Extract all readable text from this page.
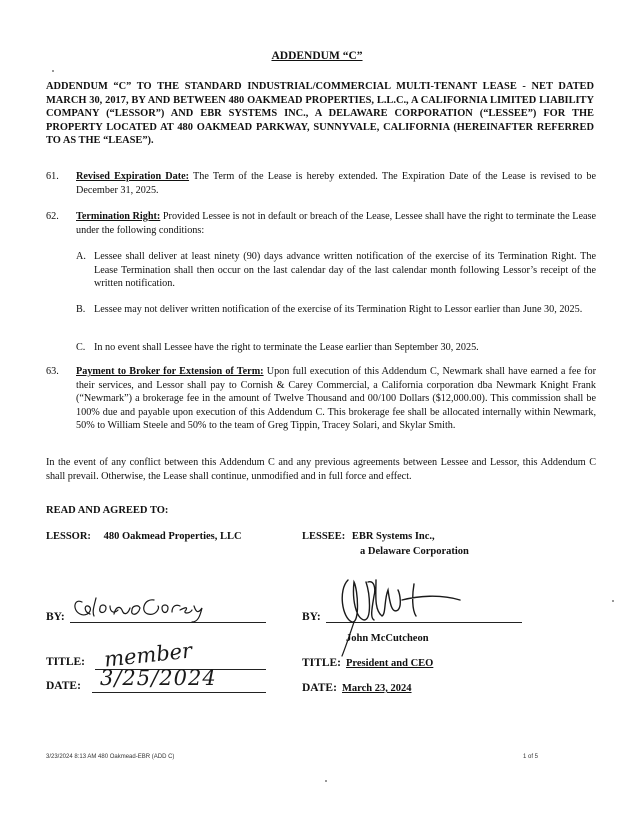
ADDENDUM “C”
ADDENDUM “C” TO THE STANDARD INDUSTRIAL/COMMERCIAL MULTI-TENANT LEASE - NET DATED MARCH 30, 2017, BY AND BETWEEN 480 OAKMEAD PROPERTIES, L.L.C., A CALIFORNIA LIMITED LIABILITY COMPANY (“LESSOR”) AND EBR SYSTEMS INC., A DELAWARE CORPORATION (“LESSEE”) FOR THE PROPERTY LOCATED AT 480 OAKMEAD PARKWAY, SUNNYVALE, CALIFORNIA (HEREINAFTER REFERRED TO AS THE “LEASE”).
61. Revised Expiration Date: The Term of the Lease is hereby extended. The Expiration Date of the Lease is revised to be December 31, 2025.
62. Termination Right: Provided Lessee is not in default or breach of the Lease, Lessee shall have the right to terminate the Lease under the following conditions:
A. Lessee shall deliver at least ninety (90) days advance written notification of the exercise of its Termination Right. The Lease Termination shall then occur on the last calendar day of the last calendar month following Lessor’s receipt of the written notification.
B. Lessee may not deliver written notification of the exercise of its Termination Right to Lessor earlier than June 30, 2025.
C. In no event shall Lessee have the right to terminate the Lease earlier than September 30, 2025.
63. Payment to Broker for Extension of Term: Upon full execution of this Addendum C, Newmark shall have earned a fee for their services, and Lessor shall pay to Cornish & Carey Commercial, a California corporation dba Newmark Knight Frank (“Newmark”) a brokerage fee in the amount of Twelve Thousand and 00/100 Dollars ($12,000.00). This commission shall be 100% due and payable upon execution of this Addendum C. This brokerage fee shall be allocated internally within Newmark, 50% to William Steele and 50% to the team of Greg Tippin, Tracey Solari, and Skylar Smith.
In the event of any conflict between this Addendum C and any previous agreements between Lessee and Lessor, this Addendum C shall prevail. Otherwise, the Lease shall continue, unmodified and in full force and effect.
READ AND AGREED TO:
LESSOR: 480 Oakmead Properties, LLC	LESSEE: EBR Systems Inc.,
a Delaware Corporation
BY:
TITLE: member
DATE: 3/25/2024
BY:
John McCutcheon
TITLE: President and CEO
DATE: March 23, 2024
3/23/2024 8:13 AM 480 Oakmead-EBR (ADD C)	1 of 5
